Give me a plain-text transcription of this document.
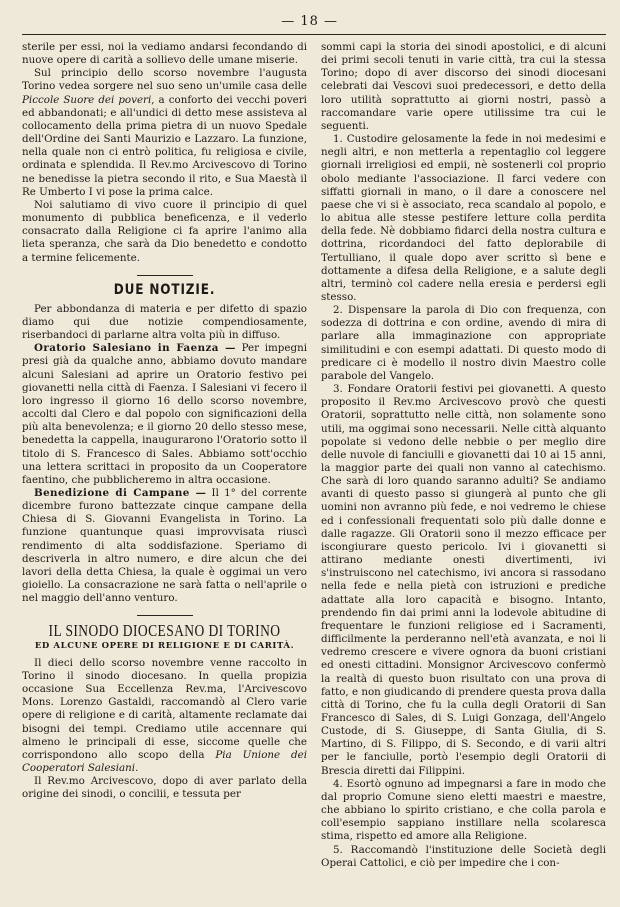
— 18 —

sterile per essi, noi la vediamo andarsi fecondando di nuove opere di carità a sollievo delle umane miserie.

Sul principio dello scorso novembre l'augusta Torino vedea sorgere nel suo seno un'umile casa delle Piccole Suore dei poveri, a conforto dei vecchi poveri ed abbandonati; e all'undici di detto mese assisteva al collocamento della prima pietra di un nuovo Spedale dell'Ordine dei Santi Maurizio e Lazzaro. La funzione, nella quale non ci entrò politica, fu religiosa e civile, ordinata e splendida. Il Rev.mo Arcivescovo di Torino ne benedisse la pietra secondo il rito, e Sua Maestà il Re Umberto I vi pose la prima calce.

Noi salutiamo di vivo cuore il principio di quel monumento di pubblica beneficenza, e il vederlo consacrato dalla Religione ci fa aprire l'animo alla lieta speranza, che sarà da Dio benedetto e condotto a termine felicemente.

DUE NOTIZIE.

Per abbondanza di materia e per difetto di spazio diamo qui due notizie compendiosamente, riserbandoci di parlarne altra volta più in diffuso.

Oratorio Salesiano in Faenza — Per impegni presi già da qualche anno, abbiamo dovuto mandare alcuni Salesiani ad aprire un Oratorio festivo pei giovanetti nella città di Faenza. I Salesiani vi fecero il loro ingresso il giorno 16 dello scorso novembre, accolti dal Clero e dal popolo con significazioni della più alta benevolenza; e il giorno 20 dello stesso mese, benedetta la cappella, inaugurarono l'Oratorio sotto il titolo di S. Francesco di Sales. Abbiamo sott'occhio una lettera scrittaci in proposito da un Cooperatore faentino, che pubblicheremo in altra occasione.

Benedizione di Campane — Il 1° del corrente dicembre furono battezzate cinque campane della Chiesa di S. Giovanni Evangelista in Torino. La funzione quantunque quasi improvvisata riuscì rendimento di alta soddisfazione. Speriamo di descriverla in altro numero, e dire alcun che dei lavori della detta Chiesa, la quale è oggimai un vero gioiello. La consacrazione ne sarà fatta o nell'aprile o nel maggio dell'anno venturo.

IL SINODO DIOCESANO DI TORINO
ED ALCUNE OPERE DI RELIGIONE E DI CARITÀ.

Il dieci dello scorso novembre venne raccolto in Torino il sinodo diocesano. In quella propizia occasione Sua Eccellenza Rev.ma, l'Arcivescovo Mons. Lorenzo Gastaldi, raccomandò al Clero varie opere di religione e di carità, altamente reclamate dai bisogni dei tempi. Crediamo utile accennare qui almeno le principali di esse, siccome quelle che corrispondono allo scopo della Pia Unione dei Cooperatori Salesiani.

Il Rev.mo Arcivescovo, dopo di aver parlato della origine dei sinodi, o concilii, e tessuta per

sommi capi la storia dei sinodi apostolici, e di alcuni dei primi secoli tenuti in varie città, tra cui la stessa Torino; dopo di aver discorso dei sinodi diocesani celebrati dai Vescovi suoi predecessori, e detto della loro utilità soprattutto ai giorni nostri, passò a raccomandare varie opere utilissime tra cui le seguenti.

1. Custodire gelosamente la fede in noi medesimi e negli altri, e non metterla a repentaglio col leggere giornali irreligiosi ed empii, nè sostenerli col proprio obolo mediante l'associazione. Il farci vedere con siffatti giornali in mano, o il dare a conoscere nel paese che vi si è associato, reca scandalo al popolo, e lo abitua alle stesse pestifere letture colla perdita della fede. Nè dobbiamo fidarci della nostra cultura e dottrina, ricordandoci del fatto deplorabile di Tertulliano, il quale dopo aver scritto sì bene e dottamente a difesa della Religione, e a salute degli altri, terminò col cadere nella eresia e perdersi egli stesso.

2. Dispensare la parola di Dio con frequenza, con sodezza di dottrina e con ordine, avendo di mira di parlare alla immaginazione con appropriate similitudini e con esempi adattati. Di questo modo di predicare ci è modello il nostro divin Maestro colle parabole del Vangelo.

3. Fondare Oratorii festivi pei giovanetti. A questo proposito il Rev.mo Arcivescovo provò che questi Oratorii, soprattutto nelle città, non solamente sono utili, ma oggimai sono necessarii. Nelle città alquanto popolate si vedono delle nebbie o per meglio dire delle nuvole di fanciulli e giovanetti dai 10 ai 15 anni, la maggior parte dei quali non vanno al catechismo. Che sarà di loro quando saranno adulti? Se andiamo avanti di questo passo si giungerà al punto che gli uomini non avranno più fede, e noi vedremo le chiese ed i confessionali frequentati solo più dalle donne e dalle ragazze. Gli Oratorii sono il mezzo efficace per iscongiurare questo pericolo. Ivi i giovanetti si attirano mediante onesti divertimenti, ivi s'instruiscono nel catechismo, ivi ancora si rassodano nella fede e nella pietà con istruzioni e prediche adattate alla loro capacità e bisogno. Intanto, prendendo fin dai primi anni la lodevole abitudine di frequentare le funzioni religiose ed i Sacramenti, difficilmente la perderanno nell'età avanzata, e noi li vedremo crescere e vivere ognora da buoni cristiani ed onesti cittadini. Monsignor Arcivescovo confermò la realtà di questo buon risultato con una prova di fatto, e non giudicando di prendere questa prova dalla città di Torino, che fu la culla degli Oratorii di San Francesco di Sales, di S. Luigi Gonzaga, dell'Angelo Custode, di S. Giuseppe, di Santa Giulia, di S. Martino, di S. Filippo, di S. Secondo, e di varii altri per le fanciulle, portò l'esempio degli Oratorii di Brescia diretti dai Filippini.

4. Esortò ognuno ad impegnarsi a fare in modo che dal proprio Comune sieno eletti maestri e maestre, che abbiano lo spirito cristiano, e che colla parola e coll'esempio sappiano instillare nella scolaresca stima, rispetto ed amore alla Religione.

5. Raccomandò l'instituzione delle Società degli Operai Cattolici, e ciò per impedire che i con-
